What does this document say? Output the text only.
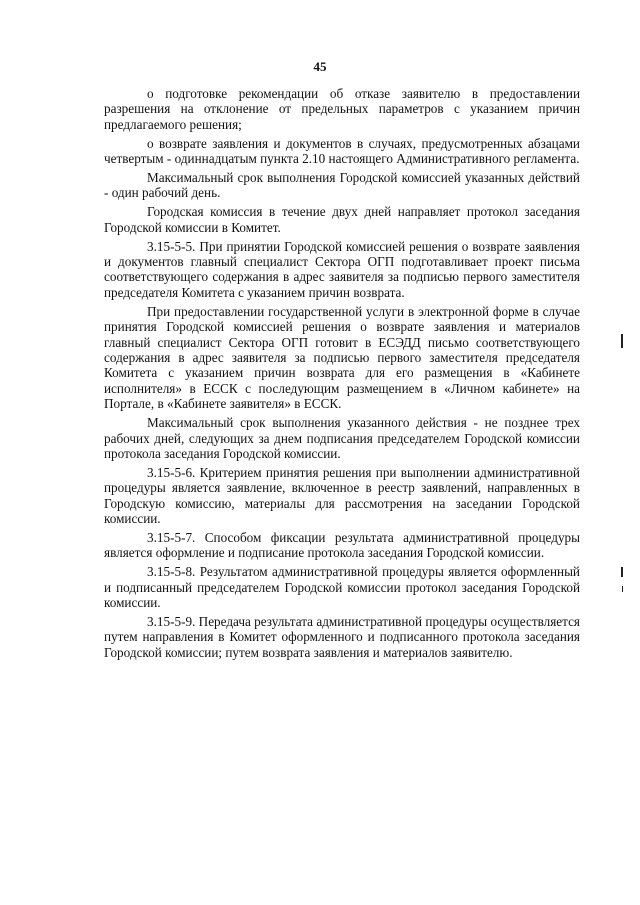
45

о подготовке рекомендации об отказе заявителю в предоставлении разрешения на отклонение от предельных параметров с указанием причин предлагаемого решения;

о возврате заявления и документов в случаях, предусмотренных абзацами четвертым - одиннадцатым пункта 2.10 настоящего Административного регламента.

Максимальный срок выполнения Городской комиссией указанных действий - один рабочий день.

Городская комиссия в течение двух дней направляет протокол заседания Городской комиссии в Комитет.

3.15-5-5. При принятии Городской комиссией решения о возврате заявления и документов главный специалист Сектора ОГП подготавливает проект письма соответствующего содержания в адрес заявителя за подписью первого заместителя председателя Комитета с указанием причин возврата.

При предоставлении государственной услуги в электронной форме в случае принятия Городской комиссией решения о возврате заявления и материалов главный специалист Сектора ОГП готовит в ЕСЭДД письмо соответствующего содержания в адрес заявителя за подписью первого заместителя председателя Комитета с указанием причин возврата для его размещения в «Кабинете исполнителя» в ЕССК с последующим размещением в «Личном кабинете» на Портале, в «Кабинете заявителя» в ЕССК.

Максимальный срок выполнения указанного действия - не позднее трех рабочих дней, следующих за днем подписания председателем Городской комиссии протокола заседания Городской комиссии.

3.15-5-6. Критерием принятия решения при выполнении административной процедуры является заявление, включенное в реестр заявлений, направленных в Городскую комиссию, материалы для рассмотрения на заседании Городской комиссии.

3.15-5-7. Способом фиксации результата административной процедуры является оформление и подписание протокола заседания Городской комиссии.

3.15-5-8. Результатом административной процедуры является оформленный и подписанный председателем Городской комиссии протокол заседания Городской комиссии.

3.15-5-9. Передача результата административной процедуры осуществляется путем направления в Комитет оформленного и подписанного протокола заседания Городской комиссии; путем возврата заявления и материалов заявителю.
